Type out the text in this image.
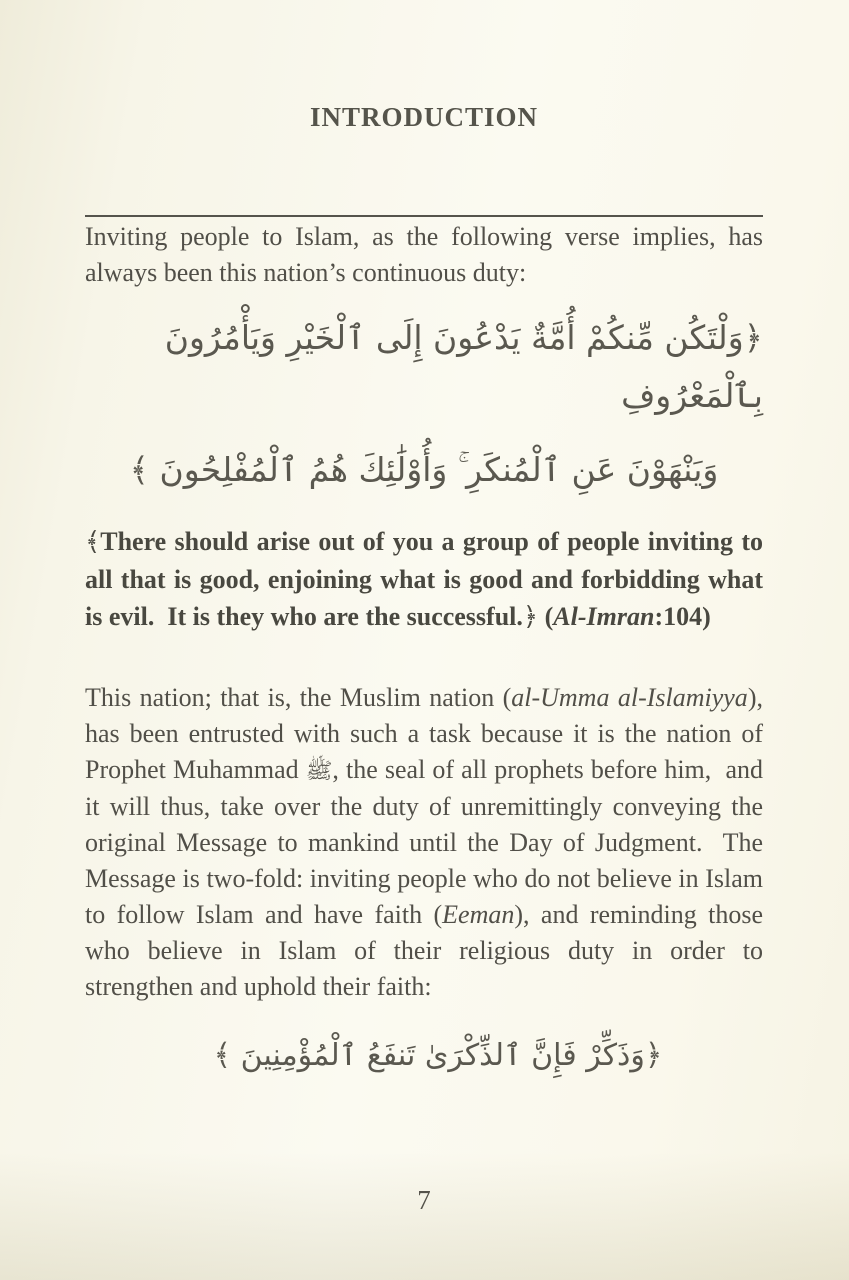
INTRODUCTION

Inviting people to Islam, as the following verse implies, has always been this nation’s continuous duty:

﴿وَلْتَكُن مِّنكُمْ أُمَّةٌ يَدْعُونَ إِلَى ٱلْخَيْرِ وَيَأْمُرُونَ بِٱلْمَعْرُوفِ
وَيَنْهَوْنَ عَنِ ٱلْمُنكَرِ ۚ وَأُوْلَٰئِكَ هُمُ ٱلْمُفْلِحُونَ ﴾

﴾There should arise out of you a group of people inviting to all that is good, enjoining what is good and forbidding what is evil.  It is they who are the successful.﴿ (Al-Imran:104)

This nation; that is, the Muslim nation (al-Umma al-Islamiyya), has been entrusted with such a task because it is the nation of Prophet Muhammad ﷺ, the seal of all prophets before him,  and it will thus, take over the duty of unremittingly conveying the original Message to mankind until the Day of Judgment.  The Message is two-fold: inviting people who do not believe in Islam to follow Islam and have faith (Eeman), and reminding those who believe in Islam of their religious duty in order to strengthen and uphold their faith:

﴿وَذَكِّرْ فَإِنَّ ٱلذِّكْرَىٰ تَنفَعُ ٱلْمُؤْمِنِينَ ﴾
7
